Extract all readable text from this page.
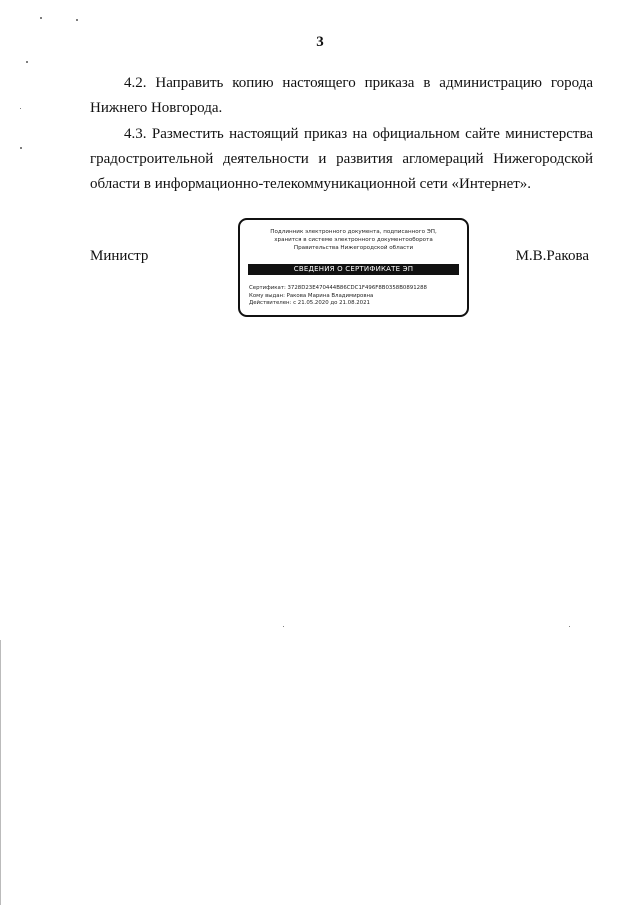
3
4.2. Направить копию настоящего приказа в администрацию города
Нижнего Новгорода.
4.3. Разместить настоящий приказ на официальном сайте министерства
градостроительной деятельности и развития агломераций Нижегородской
области в информационно-телекоммуникационной сети «Интернет».
Министр	М.В.Ракова
Подлинник электронного документа, подписанного ЭП,
хранится в системе электронного документооборота
Правительства Нижегородской области
СВЕДЕНИЯ О СЕРТИФИКАТЕ ЭП
Сертификат: 3728D23E470444B86CDC1F496F8B0358B0891288
Кому выдан: Ракова Марина Владимировна
Действителен: с 21.05.2020 до 21.08.2021
